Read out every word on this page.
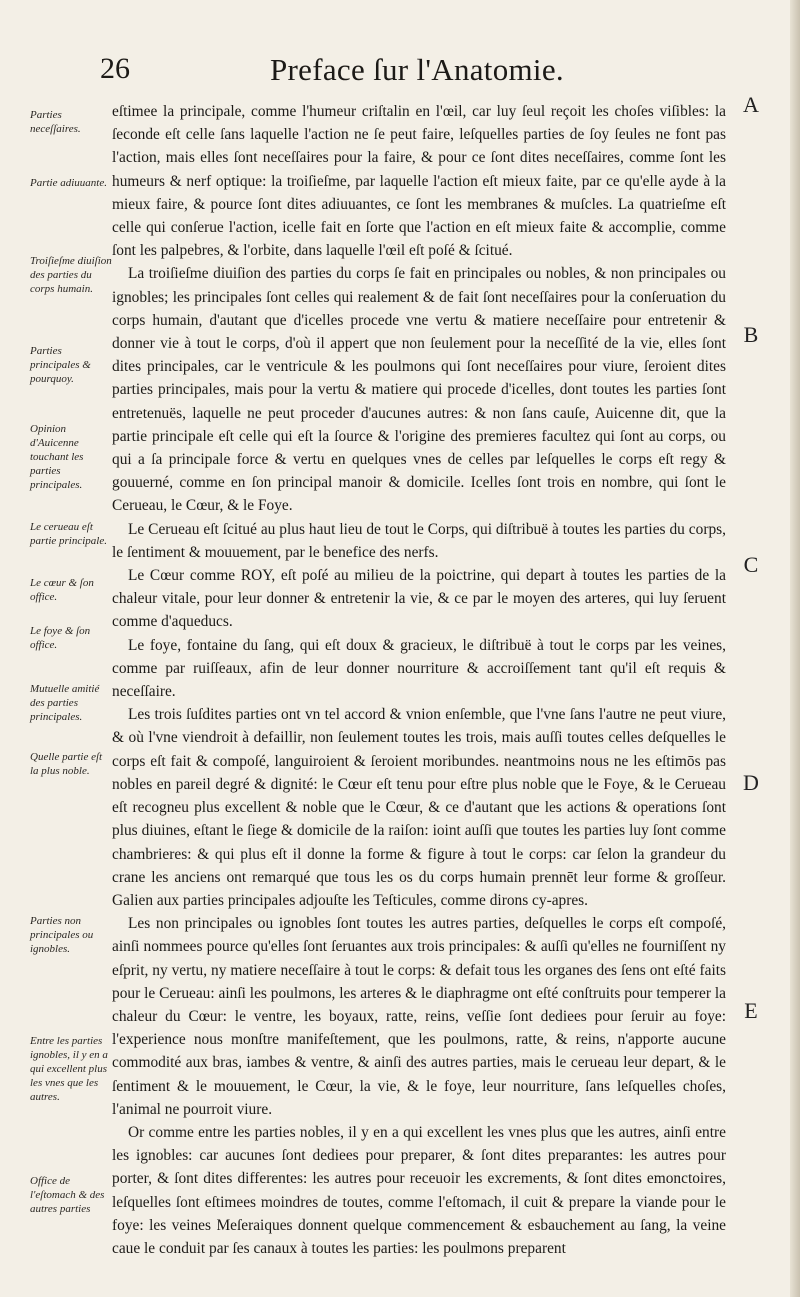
26	Preface ſur l'Anatomie.
Parties neceſſaires.
Partie adiuuante.
Troiſieſme diuiſion des parties du corps humain.
Parties principales & pourquoy.
Opinion d'Auicenne touchant les parties principales.
Le cerueau eſt partie principale.
Le cœur & ſon office.
Le foye & ſon office.
Mutuelle amitié des parties principales.
Quelle partie eſt la plus noble.
Parties non principales ou ignobles.
Entre les parties ignobles, il y en a qui excellent plus les vnes que les autres.
Office de l'eſtomach & des autres parties

eſtimee la principale, comme l'humeur criſtalin en l'œil, car luy ſeul reçoit les choſes viſibles: la ſeconde eſt celle ſans laquelle l'action ne ſe peut faire, leſquelles parties de ſoy ſeules ne font pas l'action, mais elles ſont neceſſaires pour la faire, & pour ce ſont dites neceſſaires, comme ſont les humeurs & nerf optique: la troiſieſme, par laquelle l'action eſt mieux faite, par ce qu'elle ayde à la mieux faire, & pource ſont dites adiuuantes, ce ſont les membranes & muſcles. La quatrieſme eſt celle qui conſerue l'action, icelle fait en ſorte que l'action en eſt mieux faite & accomplie, comme ſont les palpebres, & l'orbite, dans laquelle l'œil eſt poſé & ſcitué.

La troiſieſme diuiſion des parties du corps ſe fait en principales ou nobles, & non principales ou ignobles; les principales ſont celles qui realement & de fait ſont neceſſaires pour la conſeruation du corps humain, d'autant que d'icelles procede vne vertu & matiere neceſſaire pour entretenir & donner vie à tout le corps, d'où il appert que non ſeulement pour la neceſſité de la vie, elles ſont dites principales, car le ventricule & les poulmons qui ſont neceſſaires pour viure, ſeroient dites parties principales, mais pour la vertu & matiere qui procede d'icelles, dont toutes les parties ſont entretenuës, laquelle ne peut proceder d'aucunes autres: & non ſans cauſe, Auicenne dit, que la partie principale eſt celle qui eſt la ſource & l'origine des premieres facultez qui ſont au corps, ou qui a ſa principale force & vertu en quelques vnes de celles par leſquelles le corps eſt regy & gouuerné, comme en ſon principal manoir & domicile. Icelles ſont trois en nombre, qui ſont le Cerueau, le Cœur, & le Foye.

Le Cerueau eſt ſcitué au plus haut lieu de tout le Corps, qui diſtribuë à toutes les parties du corps, le ſentiment & mouuement, par le benefice des nerfs.

Le Cœur comme ROY, eſt poſé au milieu de la poictrine, qui depart à toutes les parties de la chaleur vitale, pour leur donner & entretenir la vie, & ce par le moyen des arteres, qui luy ſeruent comme d'aqueducs.

Le foye, fontaine du ſang, qui eſt doux & gracieux, le diſtribuë à tout le corps par les veines, comme par ruiſſeaux, afin de leur donner nourriture & accroiſſement tant qu'il eſt requis & neceſſaire.

Les trois ſuſdites parties ont vn tel accord & vnion enſemble, que l'vne ſans l'autre ne peut viure, & où l'vne viendroit à defaillir, non ſeulement toutes les trois, mais auſſi toutes celles deſquelles le corps eſt fait & compoſé, languiroient & ſeroient moribundes. neantmoins nous ne les eſtimōs pas nobles en pareil degré & dignité: le Cœur eſt tenu pour eſtre plus noble que le Foye, & le Cerueau eſt recogneu plus excellent & noble que le Cœur, & ce d'autant que les actions & operations ſont plus diuines, eſtant le ſiege & domicile de la raiſon: ioint auſſi que toutes les parties luy ſont comme chambrieres: & qui plus eſt il donne la forme & figure à tout le corps: car ſelon la grandeur du crane les anciens ont remarqué que tous les os du corps humain prennēt leur forme & groſſeur. Galien aux parties principales adjouſte les Teſticules, comme dirons cy-apres.

Les non principales ou ignobles ſont toutes les autres parties, deſquelles le corps eſt compoſé, ainſi nommees pource qu'elles ſont ſeruantes aux trois principales: & auſſi qu'elles ne fourniſſent ny eſprit, ny vertu, ny matiere neceſſaire à tout le corps: & defait tous les organes des ſens ont eſté faits pour le Cerueau: ainſi les poulmons, les arteres & le diaphragme ont eſté conſtruits pour temperer la chaleur du Cœur: le ventre, les boyaux, ratte, reins, veſſie ſont dediees pour ſeruir au foye: l'experience nous monſtre manifeſtement, que les poulmons, ratte, & reins, n'apporte aucune commodité aux bras, iambes & ventre, & ainſi des autres parties, mais le cerueau leur depart, & le ſentiment & le mouuement, le Cœur, la vie, & le foye, leur nourriture, ſans leſquelles choſes, l'animal ne pourroit viure.

Or comme entre les parties nobles, il y en a qui excellent les vnes plus que les autres, ainſi entre les ignobles: car aucunes ſont dediees pour preparer, & ſont dites preparantes: les autres pour porter, & ſont dites differentes: les autres pour receuoir les excrements, & ſont dites emonctoires, leſquelles ſont eſtimees moindres de toutes, comme l'eſtomach, il cuit & prepare la viande pour le foye: les veines Meſeraiques donnent quelque commencement & esbauchement au ſang, la veine caue le conduit par ſes canaux à toutes les parties: les poulmons preparent

A
B
C
D
E
